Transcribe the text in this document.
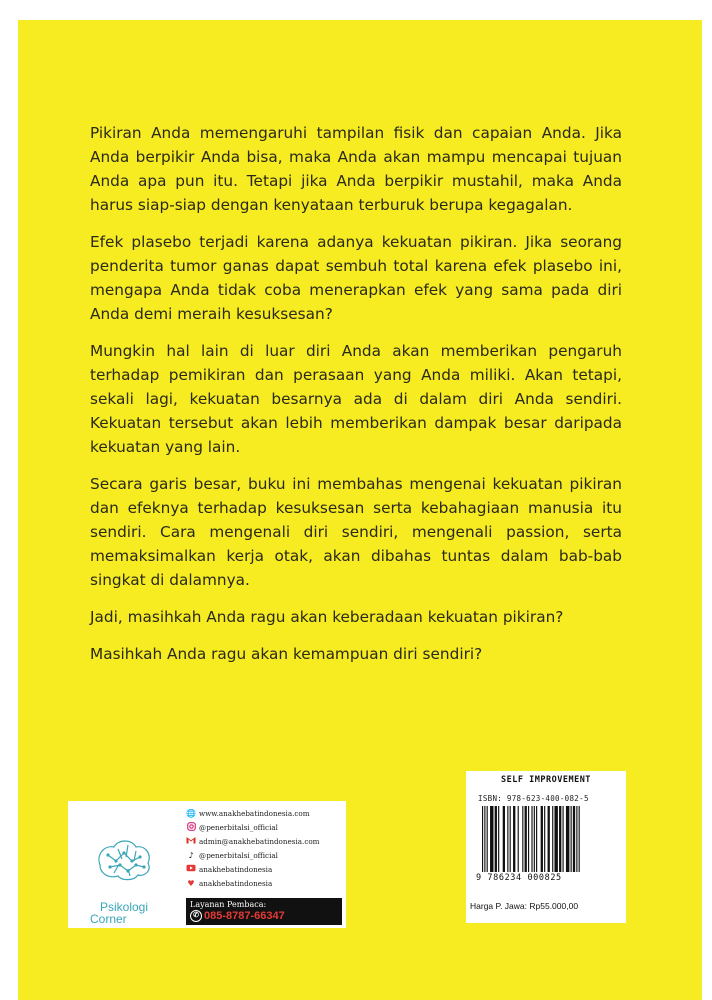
Pikiran Anda memengaruhi tampilan fisik dan capaian Anda. Jika Anda berpikir Anda bisa, maka Anda akan mampu mencapai tujuan Anda apa pun itu. Tetapi jika Anda berpikir mustahil, maka Anda harus siap-siap dengan kenyataan terburuk berupa kegagalan.

Efek plasebo terjadi karena adanya kekuatan pikiran. Jika seorang penderita tumor ganas dapat sembuh total karena efek plasebo ini, mengapa Anda tidak coba menerapkan efek yang sama pada diri Anda demi meraih kesuksesan?

Mungkin hal lain di luar diri Anda akan memberikan pengaruh terhadap pemikiran dan perasaan yang Anda miliki. Akan tetapi, sekali lagi, kekuatan besarnya ada di dalam diri Anda sendiri. Kekuatan tersebut akan lebih memberikan dampak besar daripada kekuatan yang lain.

Secara garis besar, buku ini membahas mengenai kekuatan pikiran dan efeknya terhadap kesuksesan serta kebahagiaan manusia itu sendiri. Cara mengenali diri sendiri, mengenali passion, serta memaksimalkan kerja otak, akan dibahas tuntas dalam bab-bab singkat di dalamnya.

Jadi, masihkah Anda ragu akan keberadaan kekuatan pikiran?

Masihkah Anda ragu akan kemampuan diri sendiri?

Psikologi
Corner
🌐 www.anakhebatindonesia.com
@penerbitalsi_official
admin@anakhebatindonesia.com
♪ @penerbitalsi_official
anakhebatindonesia
♥ anakhebatindonesia
Layanan Pembaca:
✆ 085-8787-66347
SELF IMPROVEMENT
ISBN: 978-623-400-082-5
9 786234 000825
Harga P. Jawa: Rp55.000,00
